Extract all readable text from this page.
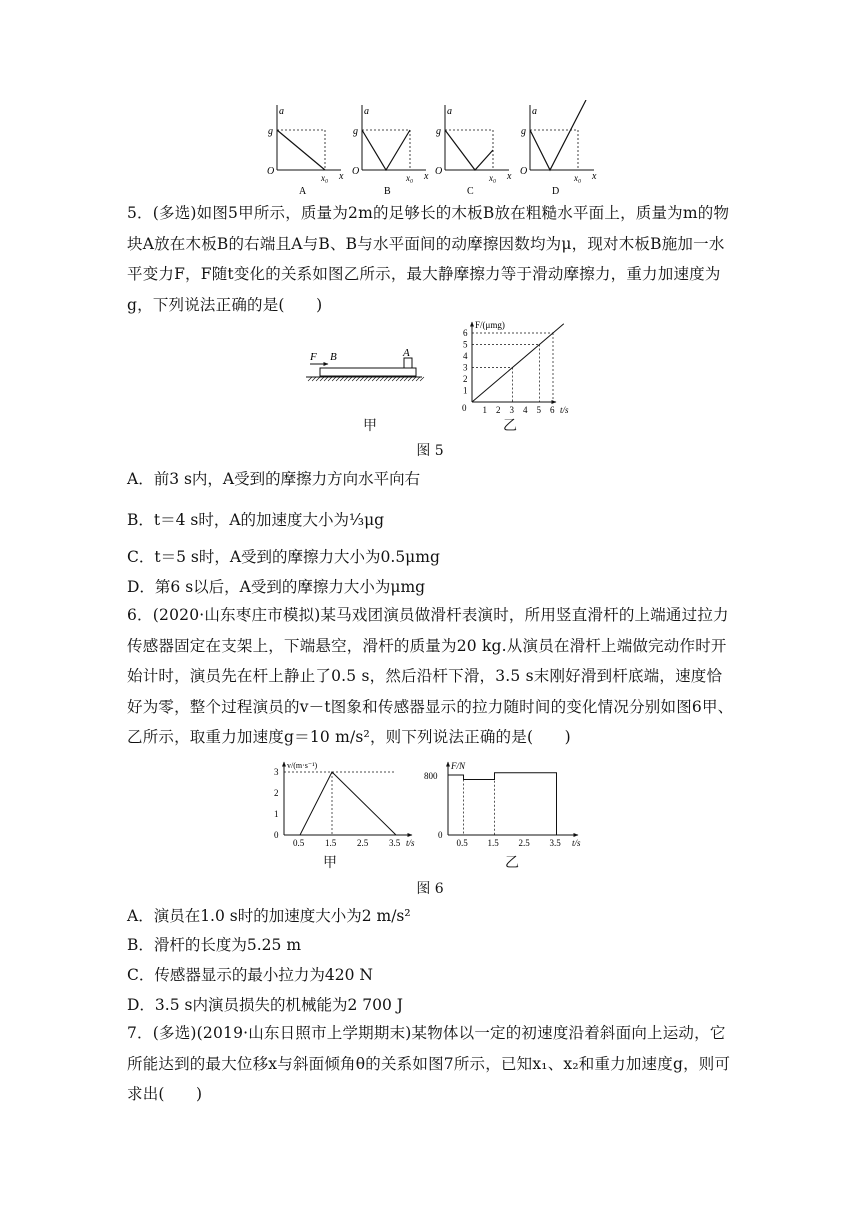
a
g
O
x₀ x
A
a
g
O
x₀ x
B
a
g
O
x₀ x
C
a
g
O
x₀ x
D
5．(多选)如图5甲所示，质量为2m的足够长的木板B放在粗糙水平面上，质量为m的物块A放在木板B的右端且A与B、B与水平面间的动摩擦因数均为μ，现对木板B施加一水平变力F，F随t变化的关系如图乙所示，最大静摩擦力等于滑动摩擦力，重力加速度为g，下列说法正确的是(　　)
F B	A
甲
F/(μmg)
t/s
0 1 2 3 4 5 6
1
2
3
4
5
6
乙
图 5
A．前3 s内，A受到的摩擦力方向水平向右
B．t＝4 s时，A的加速度大小为⅓μg
C．t＝5 s时，A受到的摩擦力大小为0.5μmg
D．第6 s以后，A受到的摩擦力大小为μmg
6．(2020·山东枣庄市模拟)某马戏团演员做滑杆表演时，所用竖直滑杆的上端通过拉力传感器固定在支架上，下端悬空，滑杆的质量为20 kg.从演员在滑杆上端做完动作时开始计时，演员先在杆上静止了0.5 s，然后沿杆下滑，3.5 s末刚好滑到杆底端，速度恰好为零，整个过程演员的v－t图象和传感器显示的拉力随时间的变化情况分别如图6甲、乙所示，取重力加速度g＝10 m/s²，则下列说法正确的是(　　)
v/(m·s⁻¹)
t/s
0
0.5 1.5 2.5 3.5
1
2
3
甲
F/N
t/s
0
0.5 1.5 2.5 3.5
800
乙
图 6
A．演员在1.0 s时的加速度大小为2 m/s²
B．滑杆的长度为5.25 m
C．传感器显示的最小拉力为420 N
D．3.5 s内演员损失的机械能为2 700 J
7．(多选)(2019·山东日照市上学期期末)某物体以一定的初速度沿着斜面向上运动，它所能达到的最大位移x与斜面倾角θ的关系如图7所示，已知x₁、x₂和重力加速度g，则可求出(　　)
